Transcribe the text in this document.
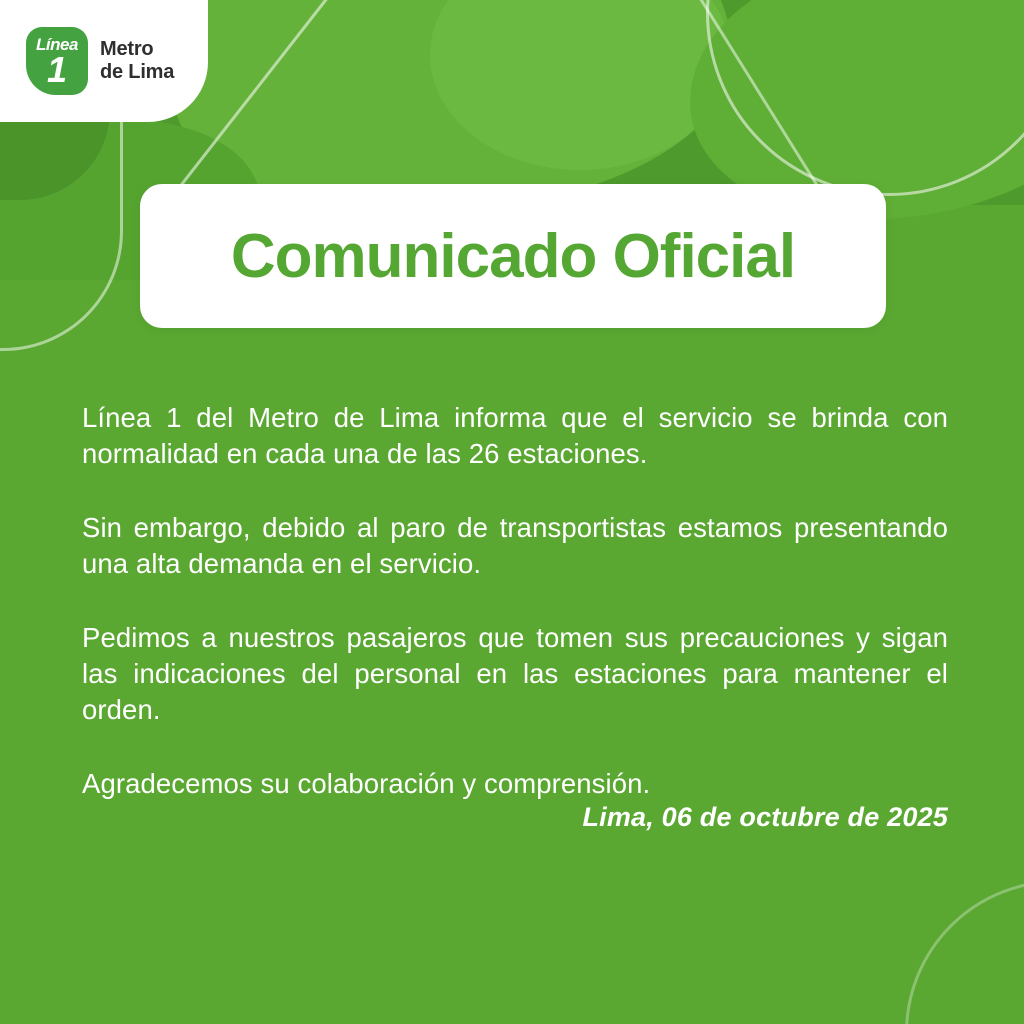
Línea
1	Metro
de Lima
Comunicado Oficial

Línea 1 del Metro de Lima informa que el servicio se brinda con normalidad en cada una de las 26 estaciones.

Sin embargo, debido al paro de transportistas estamos presentando una alta demanda en el servicio.

Pedimos a nuestros pasajeros que tomen sus precauciones y sigan las indicaciones del personal en las estaciones para mantener el orden.

Agradecemos su colaboración y comprensión.

Lima, 06 de octubre de 2025
